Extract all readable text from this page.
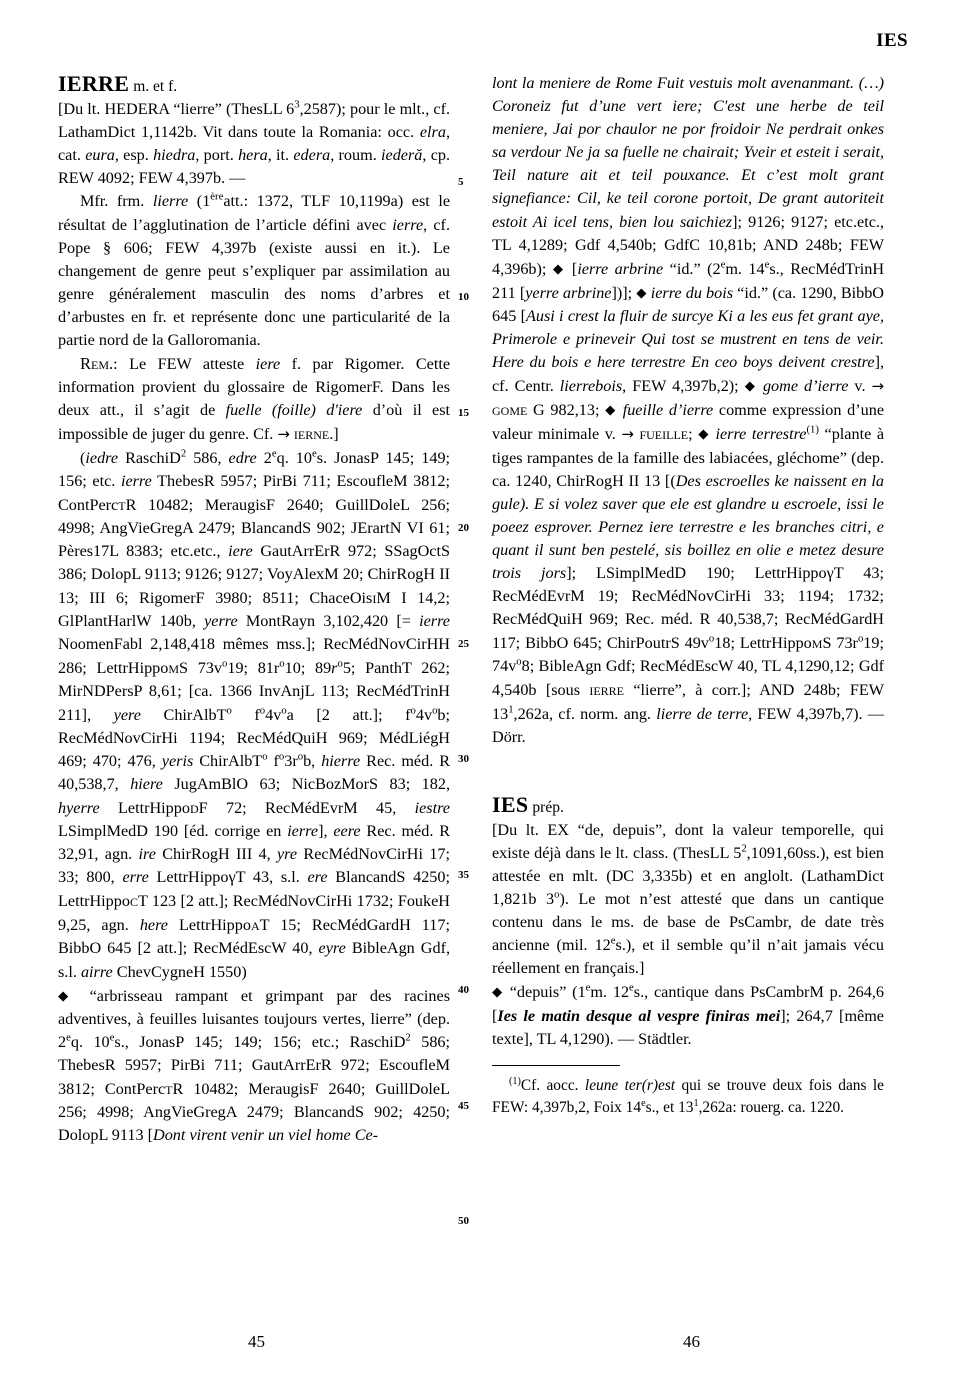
IES

IERRE m. et f.

[Du lt. HEDERA “lierre” (ThesLL $6^3,2587$); pour le mlt., cf. LathamDict 1,1142b. Vit dans toute la Romania: occ. elra, cat. eura, esp. hiedra, port. hera, it. edera, roum. iederă, cp. REW 4092; FEW 4,397b. —

Mfr. frm. lierre (1èreatt.: 1372, TLF 10,1199a) est le résultat de l’agglutination de l’article défini avec ierre, cf. Pope § 606; FEW 4,397b (existe aussi en it.). Le changement de genre peut s’expliquer par assimilation au genre généralement masculin des noms d’arbres et d’arbustes en fr. et représente donc une particularité de la partie nord de la Galloromania.

Rem.: Le FEW atteste iere f. par Rigomer. Cette information provient du glossaire de RigomerF. Dans les deux att., il s’agit de fuelle (foille) d'iere d’où il est impossible de juger du genre. Cf. → ierne.]

(iedre RaschiD$^2$ 586, edre 2eq. 10es. JonasP 145; 149; 156; etc. ierre ThebesR 5957; PirBi 711; EscoufleM 3812; ContPerctR 10482; MeraugisF 2640; GuillDoleL 256; 4998; AngVieGregA 2479; BlancandS 902; JErartN VI 61; Pères17L 8383; etc.etc., iere GautArrErR 972; SSagOctS 386; DolopL 9113; 9126; 9127; VoyAlexM 20; ChirRogH II 13; III 6; RigomerF 3980; 8511; ChaceOisiM I 14,2; GlPlantHarlW 140b, yerre MontRayn 3,102,420 [= ierre NoomenFabl 2,148,418 mêmes mss.]; RecMédNovCirHH 286; LettrHippomS $73v^o19$; $81r^o10$; $89r^o5$; PanthT 262; MirNDPersP 8,61; [ca. 1366 InvAnjL 113; RecMédTrinH 211], yere ChirAlbT$^o$ $f^o4v^oa$ [2 att.]; $f^o4v^ob$; RecMédNovCirHi 1194; RecMédQuiH 969; MédLiégH 469; 470; 476, yeris ChirAlbT$^o$ $f^o3r^ob$, hierre Rec. méd. R 40,538,7, hiere JugAmBlO 63; NicBozMorS 83; 182, hyerre LettrHippodF 72; RecMédEvrM 45, iestre LSimplMedD 190 [éd. corrige en ierre], eere Rec. méd. R 32,91, agn. ire ChirRogH III 4, yre RecMédNovCirHi 17; 33; 800, erre LettrHippoγT 43, s.l. ere BlancandS 4250; LettrHippocT 123 [2 att.]; RecMédNovCirHi 1732; FoukeH 9,25, agn. here LettrHippoaT 15; RecMédGardH 117; BibbO 645 [2 att.]; RecMédEscW 40, eyre BibleAgn Gdf, s.l. airre ChevCygneH 1550)

◆ “arbrisseau rampant et grimpant par des racines adventives, à feuilles luisantes toujours vertes, lierre” (dep. 2eq. 10es., JonasP 145; 149; 156; etc.; RaschiD$^2$ 586; ThebesR 5957; PirBi 711; GautArrErR 972; EscoufleM 3812; ContPerctR 10482; MeraugisF 2640; GuillDoleL 256; 4998; AngVieGregA 2479; BlancandS 902; 4250; DolopL 9113 [Dont virent venir un viel home Ce-

lont la meniere de Rome Fuit vestuis molt avenanmant. (…) Coroneiz fut d’une vert iere; C'est une herbe de teil meniere, Jai por chaulor ne por froidoir Ne perdrait onkes sa verdour Ne ja sa fuelle ne chairait; Yveir et esteit i serait, Teil nature ait et teil pouxance. Et c’est molt grant signefiance: Cil, ke teil corone portoit, De grant autoriteit estoit Ai icel tens, bien lou saichiez]; 9126; 9127; etc.etc., TL 4,1289; Gdf 4,540b; GdfC 10,81b; AND 248b; FEW 4,396b); ◆ [ierre arbrine “id.” (2em. 14es., RecMédTrinH 211 [yerre arbrine])]; ◆ ierre du bois “id.” (ca. 1290, BibbO 645 [Ausi i crest la fluir de surcye Ki a les eus fet grant aye, Primerole e prineveir Qui tost se mustrent en tens de veir. Here du bois e here terrestre En ceo boys deivent crestre], cf. Centr. lierrebois, FEW 4,397b,2); ◆ gome d’ierre v. → gome G 982,13; ◆ fueille d’ierre comme expression d’une valeur minimale v. → fueille; ◆ ierre terrestre$^{(1)}$ “plante à tiges rampantes de la famille des labiacées, gléchome” (dep. ca. 1240, ChirRogH II 13 [(Des escroelles ke naissent en la gule). E si volez saver que ele est glandre u escroele, issi le poeez esprover. Pernez iere terrestre e les branches citri, e quant il sunt ben pestelé, sis boillez en olie e metez desure trois jors]; LSimplMedD 190; LettrHippoγT 43; RecMédEvrM 19; RecMédNovCirHi 33; 1194; 1732; RecMédQuiH 969; Rec. méd. R 40,538,7; RecMédGardH 117; BibbO 645; ChirPoutrS $49v^o18$; LettrHippomS $73r^o19$; $74v^o8$; BibleAgn Gdf; RecMédEscW 40, TL 4,1290,12; Gdf 4,540b [sous ierre “lierre”, à corr.]; AND 248b; FEW $13^1,262a$, cf. norm. ang. lierre de terre, FEW 4,397b,7). — Dörr.

IES prép.

[Du lt. EX “de, depuis”, dont la valeur temporelle, qui existe déjà dans le lt. class. (ThesLL $5^2,1091,60ss$.), est bien attestée en mlt. (DC 3,335b) et en anglolt. (LathamDict 1,821b 3$^o$). Le mot n’est attesté que dans un cantique contenu dans le ms. de base de PsCambr, de date très ancienne (mil. 12es.), et il semble qu’il n’ait jamais vécu réellement en français.]

◆ “depuis” (1em. 12es., cantique dans PsCambrM p. 264,6 [Ies le matin desque al vespre finiras mei]; 264,7 [même texte], TL 4,1290). — Städtler.

$^{(1)}$Cf. aocc. leune ter(r)est qui se trouve deux fois dans le FEW: 4,397b,2, Foix 14es., et $13^1,262a$: rouerg. ca. 1220.

5
10
15
20
25
30
35
40
45
50
45	46
